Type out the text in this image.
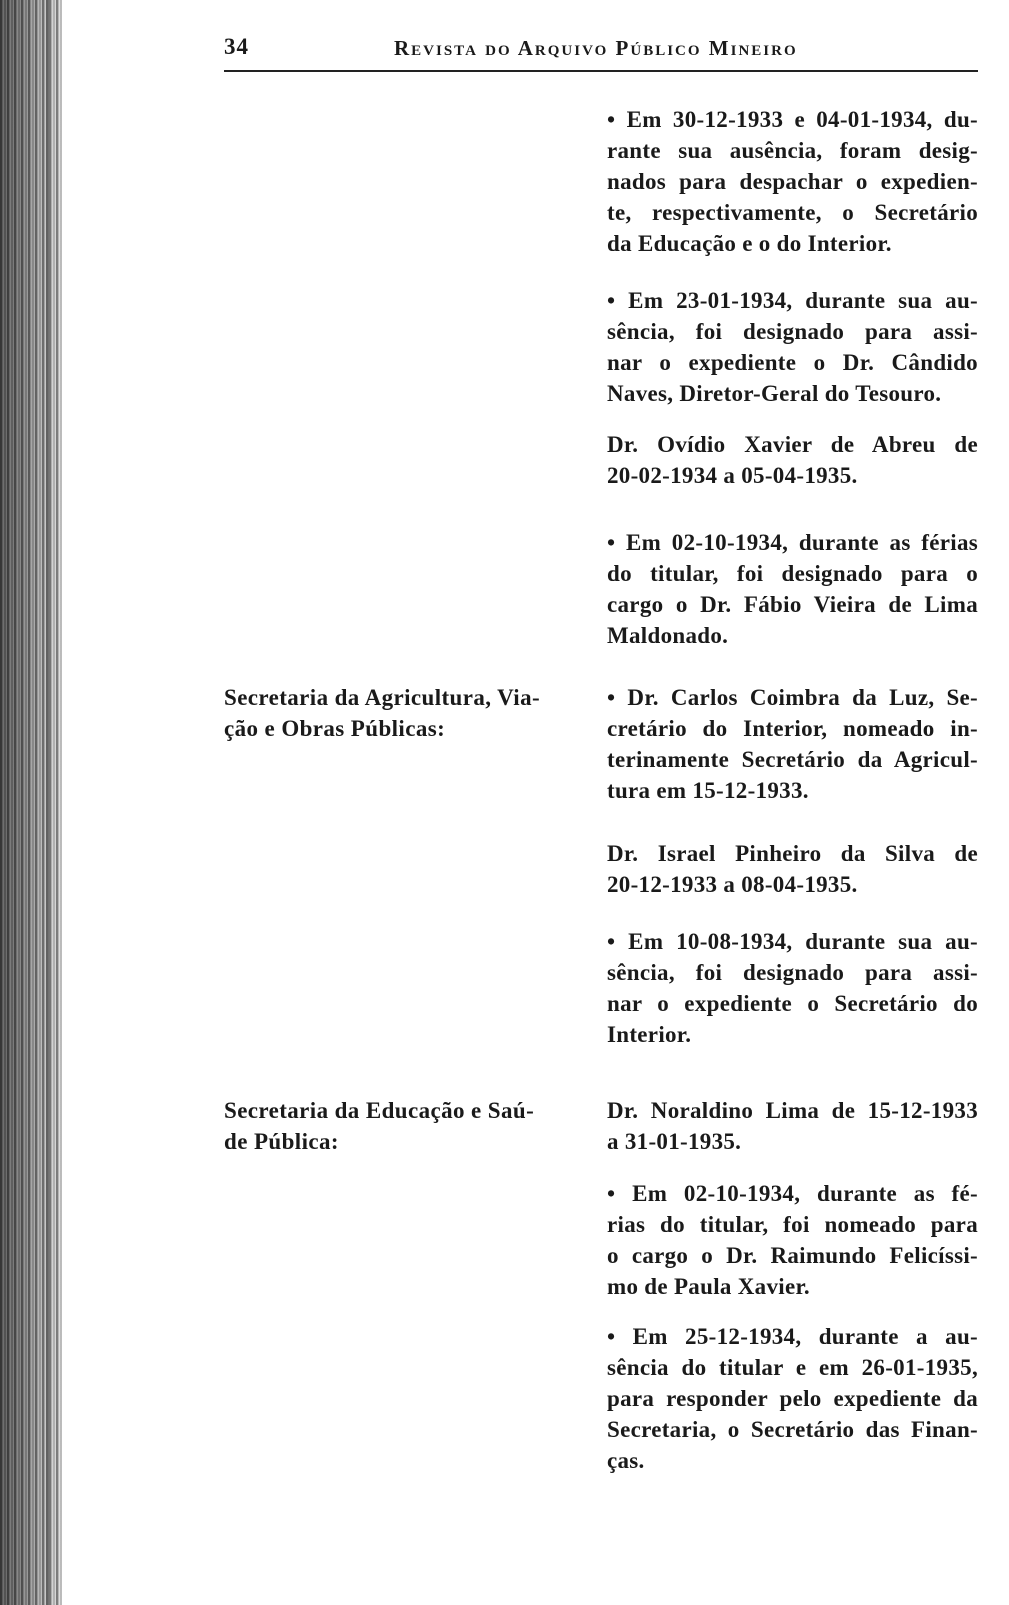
34	Revista do Arquivo Público Mineiro
Secretaria da Agricultura, Via-
ção e Obras Públicas:
Secretaria da Educação e Saú-
de Pública:
• Em 30-12-1933 e 04-01-1934, du-
rante sua ausência, foram desig-
nados para despachar o expedien-
te, respectivamente, o Secretário
da Educação e o do Interior.
• Em 23-01-1934, durante sua au-
sência, foi designado para assi-
nar o expediente o Dr. Cândido
Naves, Diretor-Geral do Tesouro.
Dr. Ovídio Xavier de Abreu de
20-02-1934 a 05-04-1935.
• Em 02-10-1934, durante as férias
do titular, foi designado para o
cargo o Dr. Fábio Vieira de Lima
Maldonado.
• Dr. Carlos Coimbra da Luz, Se-
cretário do Interior, nomeado in-
terinamente Secretário da Agricul-
tura em 15-12-1933.
Dr. Israel Pinheiro da Silva de
20-12-1933 a 08-04-1935.
• Em 10-08-1934, durante sua au-
sência, foi designado para assi-
nar o expediente o Secretário do
Interior.
Dr. Noraldino Lima de 15-12-1933
a 31-01-1935.
• Em 02-10-1934, durante as fé-
rias do titular, foi nomeado para
o cargo o Dr. Raimundo Felicíssi-
mo de Paula Xavier.
• Em 25-12-1934, durante a au-
sência do titular e em 26-01-1935,
para responder pelo expediente da
Secretaria, o Secretário das Finan-
ças.
